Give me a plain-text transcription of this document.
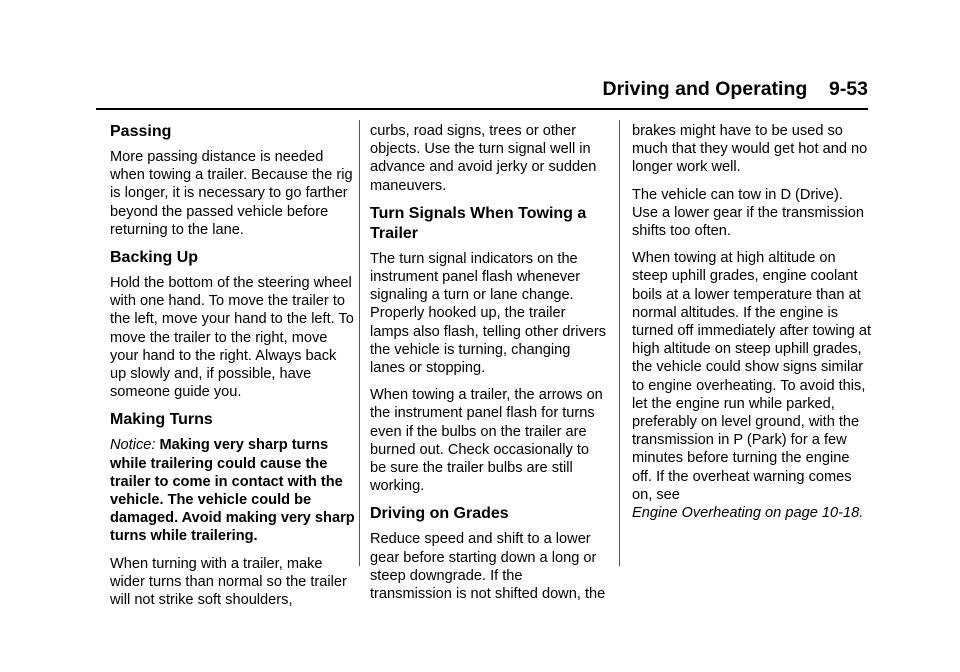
Driving and Operating 9-53
Passing

More passing distance is needed when towing a trailer. Because the rig is longer, it is necessary to go farther beyond the passed vehicle before returning to the lane.

Backing Up

Hold the bottom of the steering wheel with one hand. To move the trailer to the left, move your hand to the left. To move the trailer to the right, move your hand to the right. Always back up slowly and, if possible, have someone guide you.

Making Turns

Notice: Making very sharp turns while trailering could cause the trailer to come in contact with the vehicle. The vehicle could be damaged. Avoid making very sharp turns while trailering.

When turning with a trailer, make wider turns than normal so the trailer will not strike soft shoulders,

curbs, road signs, trees or other objects. Use the turn signal well in advance and avoid jerky or sudden maneuvers.

Turn Signals When Towing a Trailer

The turn signal indicators on the instrument panel flash whenever signaling a turn or lane change. Properly hooked up, the trailer lamps also flash, telling other drivers the vehicle is turning, changing lanes or stopping.

When towing a trailer, the arrows on the instrument panel flash for turns even if the bulbs on the trailer are burned out. Check occasionally to be sure the trailer bulbs are still working.

Driving on Grades

Reduce speed and shift to a lower gear before starting down a long or steep downgrade. If the transmission is not shifted down, the

brakes might have to be used so much that they would get hot and no longer work well.

The vehicle can tow in D (Drive). Use a lower gear if the transmission shifts too often.

When towing at high altitude on steep uphill grades, engine coolant boils at a lower temperature than at normal altitudes. If the engine is turned off immediately after towing at high altitude on steep uphill grades, the vehicle could show signs similar to engine overheating. To avoid this, let the engine run while parked, preferably on level ground, with the transmission in P (Park) for a few minutes before turning the engine off. If the overheat warning comes on, see
Engine Overheating on page 10-18.
